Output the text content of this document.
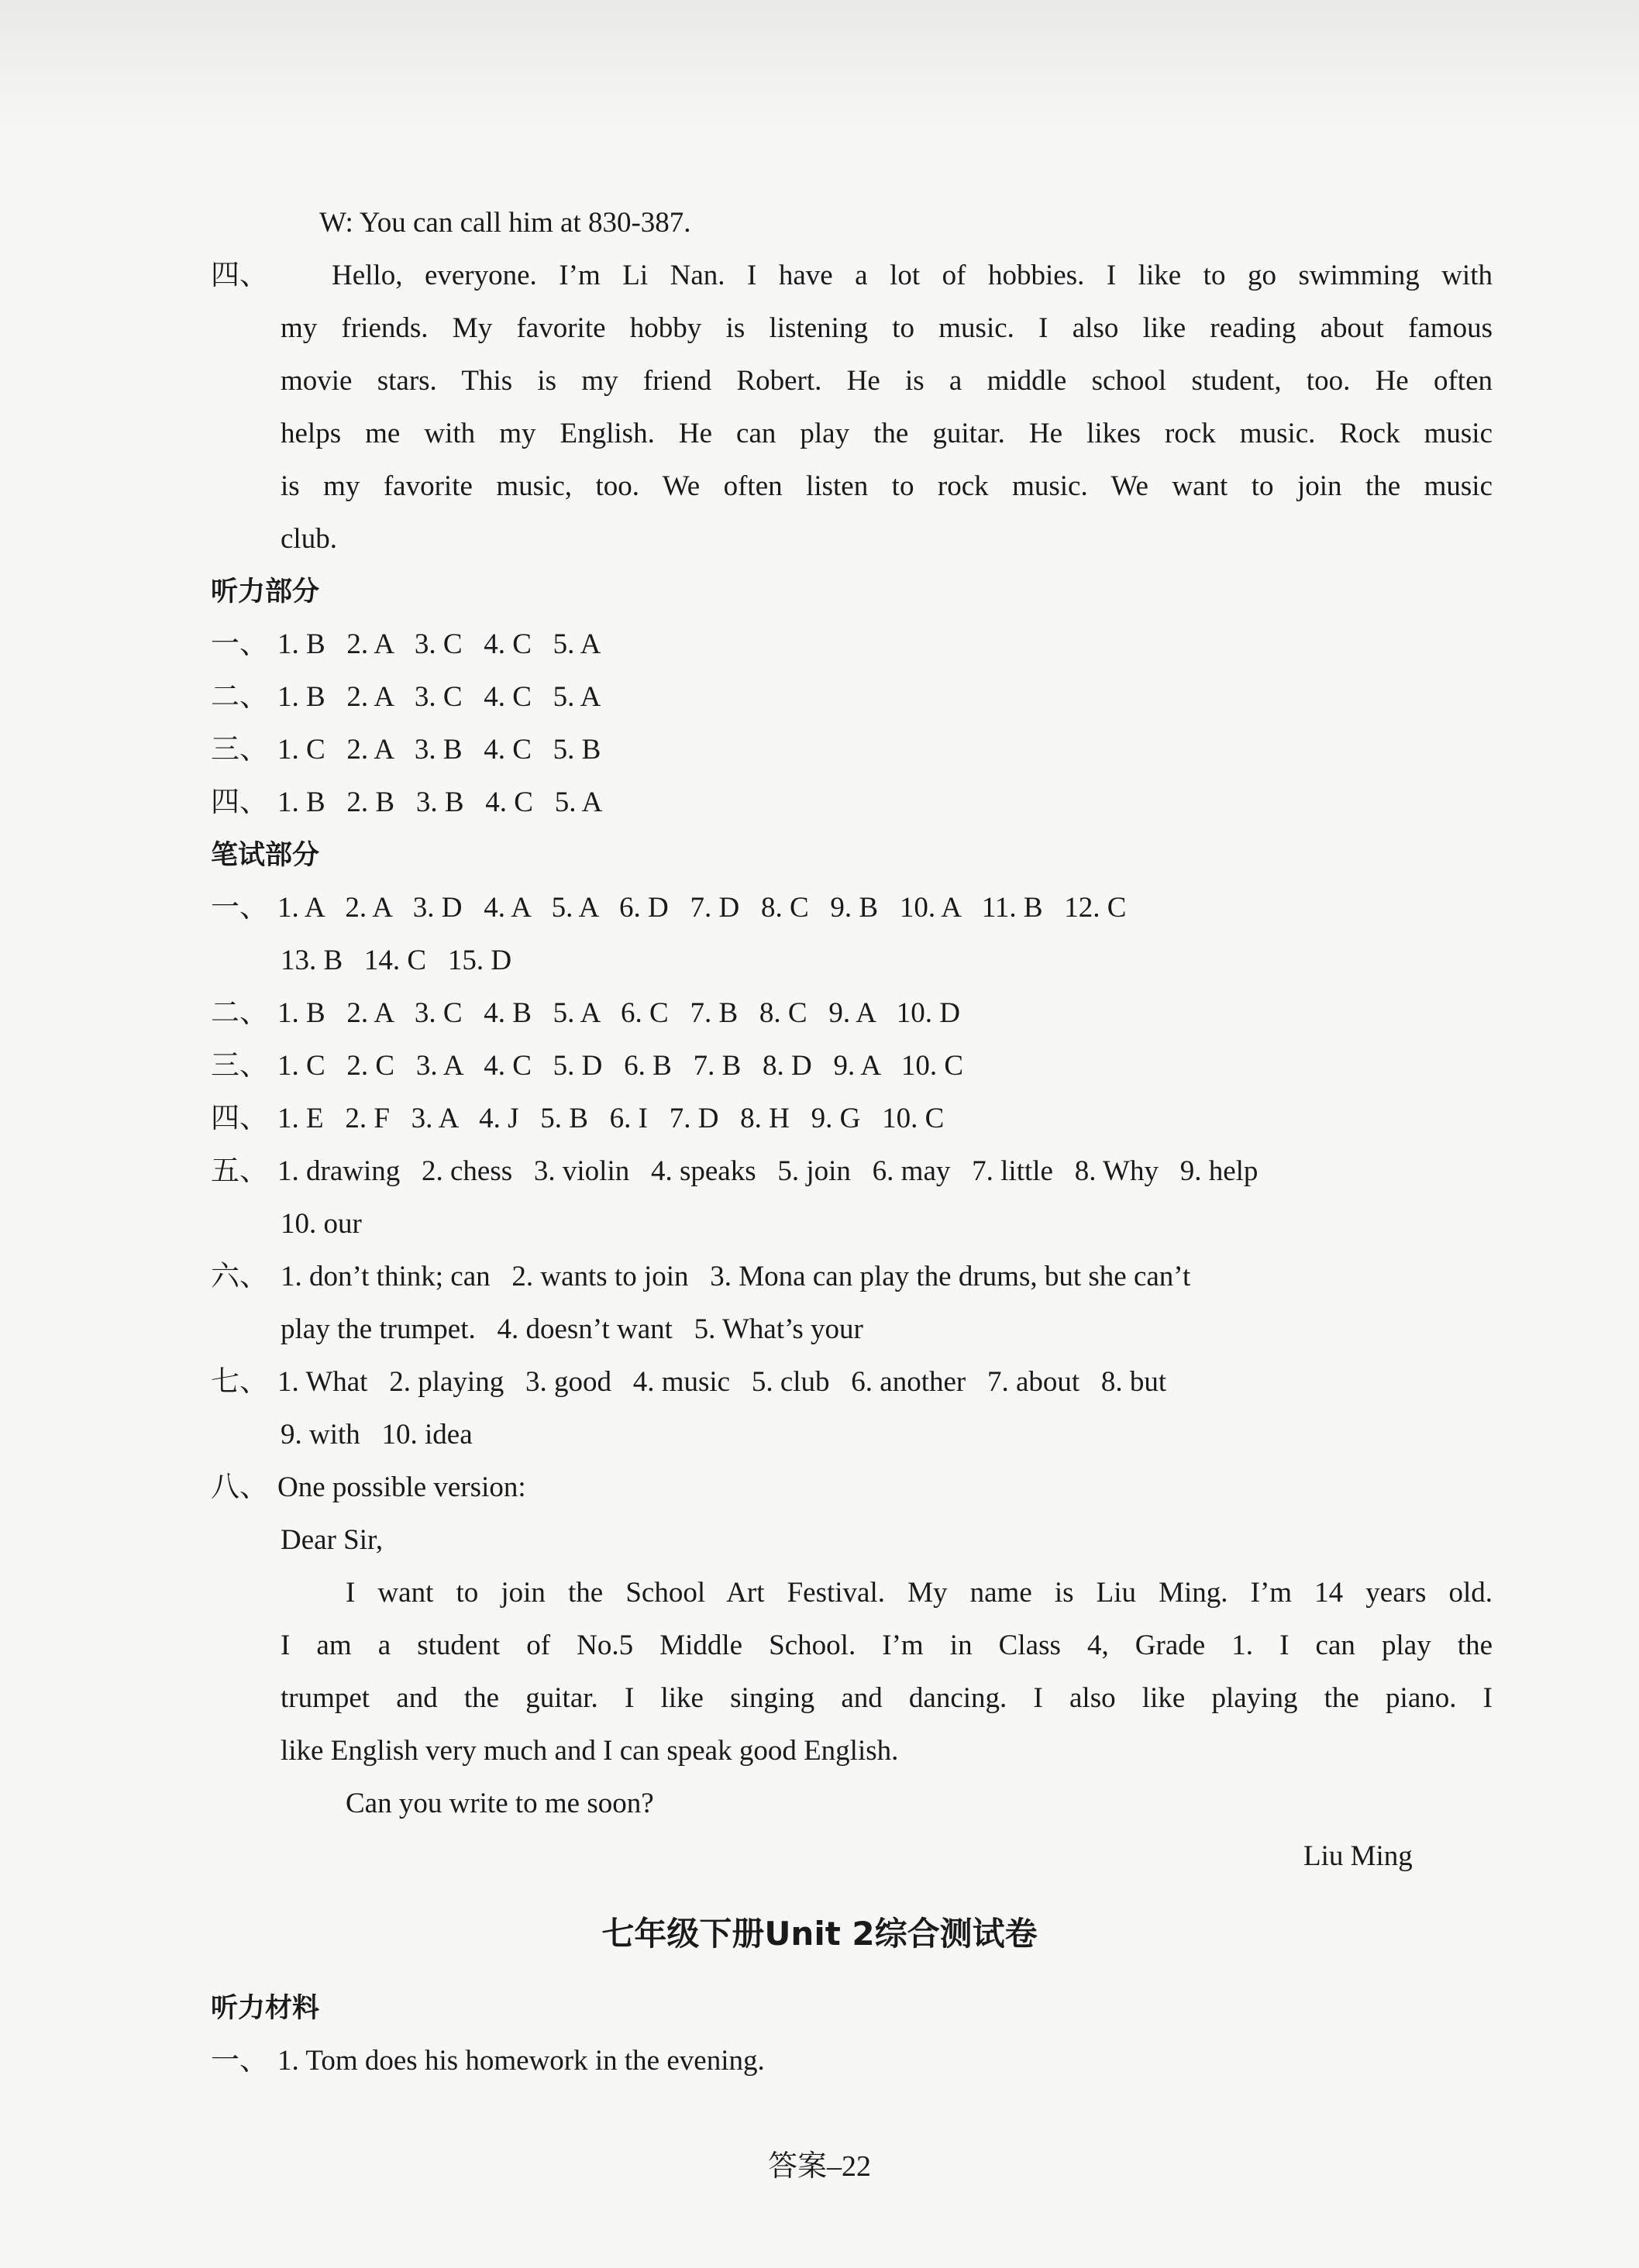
W: You can call him at 830-387.
四、 Hello, everyone. I’m Li Nan. I have a lot of hobbies. I like to go swimming with
my friends. My favorite hobby is listening to music. I also like reading about famous
movie stars. This is my friend Robert. He is a middle school student, too. He often
helps me with my English. He can play the guitar. He likes rock music. Rock music
is my favorite music, too. We often listen to rock music. We want to join the music
club.
听力部分
一、 1. B   2. A   3. C   4. C   5. A
二、 1. B   2. A   3. C   4. C   5. A
三、 1. C   2. A   3. B   4. C   5. B
四、 1. B   2. B   3. B   4. C   5. A
笔试部分
一、 1. A   2. A   3. D   4. A   5. A   6. D   7. D   8. C   9. B   10. A   11. B   12. C
13. B   14. C   15. D
二、 1. B   2. A   3. C   4. B   5. A   6. C   7. B   8. C   9. A   10. D
三、 1. C   2. C   3. A   4. C   5. D   6. B   7. B   8. D   9. A   10. C
四、 1. E   2. F   3. A   4. J   5. B   6. I   7. D   8. H   9. G   10. C
五、 1. drawing   2. chess   3. violin   4. speaks   5. join   6. may   7. little   8. Why   9. help
10. our
六、 1. don’t think; can   2. wants to join   3. Mona can play the drums, but she can’t
play the trumpet.   4. doesn’t want   5. What’s your
七、 1. What   2. playing   3. good   4. music   5. club   6. another   7. about   8. but
9. with   10. idea
八、 One possible version:
Dear Sir,
I want to join the School Art Festival. My name is Liu Ming. I’m 14 years old.
I am a student of No.5 Middle School. I’m in Class 4, Grade 1. I can play the
trumpet and the guitar. I like singing and dancing. I also like playing the piano. I
like English very much and I can speak good English.
Can you write to me soon?
Liu Ming
七年级下册Unit 2综合测试卷
听力材料
一、 1. Tom does his homework in the evening.
答案–22
